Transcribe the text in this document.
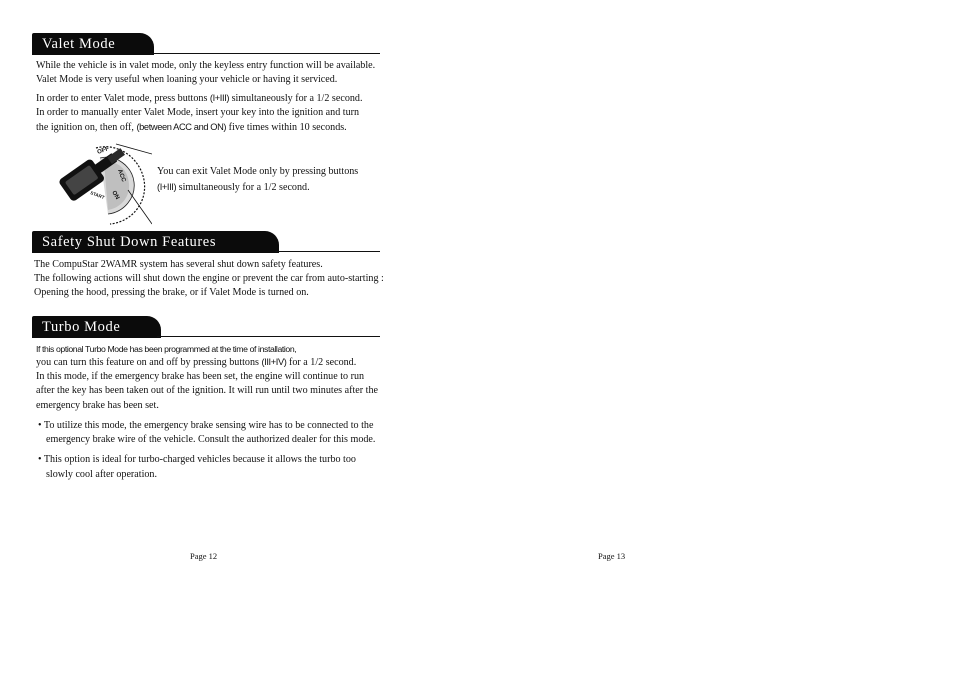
Valet Mode
While the vehicle is in valet mode, only the keyless entry function will be available.
Valet Mode is very useful when loaning your vehicle or having it serviced.
In order to enter Valet mode, press buttons (I+III) simultaneously for a 1/2 second.
In order to manually enter Valet Mode, insert your key into the ignition and turn
the ignition on, then off, (between ACC and ON) five times within 10 seconds.
OFF
ACC
ON
START
You can exit Valet Mode only by pressing buttons
(I+III) simultaneously for a 1/2 second.
Safety Shut Down Features
The CompuStar 2WAMR system has several shut down safety features.
The following actions will shut down the engine or prevent the car from auto-starting :
Opening the hood, pressing the brake, or if Valet Mode is turned on.
Turbo Mode
If this optional Turbo Mode has been programmed at the time of installation,
you can turn this feature on and off by pressing buttons (III+IV) for a 1/2 second.
In this mode, if the emergency brake has been set, the engine will continue to run
after the key has been taken out of the ignition. It will run until two minutes after the
emergency brake has been set.
• To utilize this mode, the emergency brake sensing wire has to be connected to the
emergency brake wire of the vehicle. Consult the authorized dealer for this mode.
• This option is ideal for turbo-charged vehicles because it allows the turbo too
slowly cool after operation.
Page 12	Page 13
